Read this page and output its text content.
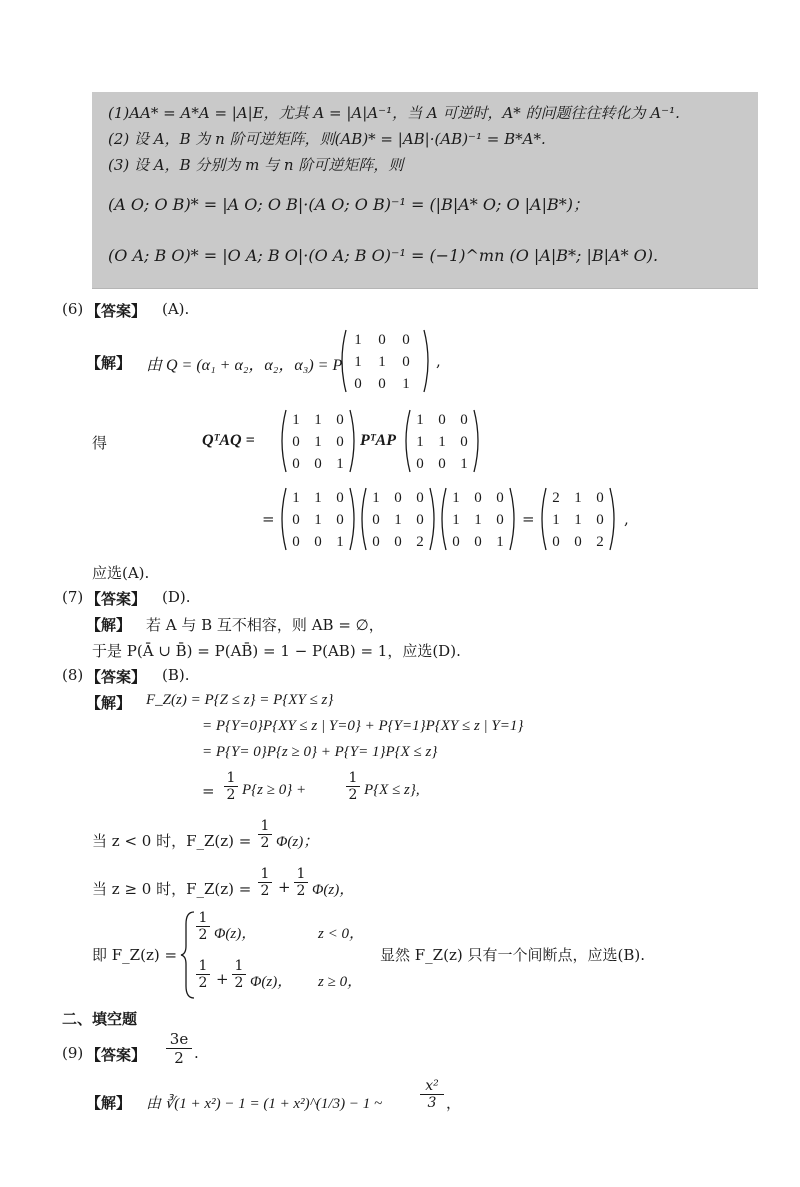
(1)AA* = A*A = |A|E，尤其 A = |A|A⁻¹，当 A 可逆时，A* 的问题往往转化为 A⁻¹.
(2) 设 A，B 为 n 阶可逆矩阵，则(AB)* = |AB|·(AB)⁻¹ = B*A*.
(3) 设 A，B 分别为 m 与 n 阶可逆矩阵，则
(A O; O B)* = |A O; O B|·(A O; O B)⁻¹ = (|B|A* O; O |A|B*)；
(O A; B O)* = |O A; B O|·(O A; B O)⁻¹ = (−1)^mn (O |A|B*; |B|A* O).
(6) 【答案】 (A).
【解】 由 Q = (α₁ + α₂，α₂，α₃) = P
1 0 0
1 1 0
0 0 1
,
得	QᵀAQ =
1 1 0
0 1 0
0 0 1
PᵀAP
1 0 0
1 1 0
0 0 1
=
1 1 0
0 1 0
0 0 1
1 0 0
0 1 0
0 0 2
1 0 0
1 1 0
0 0 1
=
2 1 0
1 1 0
0 0 2
,
应选(A).
(7) 【答案】 (D).
【解】 若 A 与 B 互不相容，则 AB = ∅，
于是 P(Ā ∪ B̄) = P(AB̄) = 1 − P(AB) = 1，应选(D).
(8) 【答案】 (B).
【解】 F_Z(z) = P{Z ≤ z} = P{XY ≤ z}
= P{Y=0}P{XY ≤ z | Y=0} + P{Y=1}P{XY ≤ z | Y=1}
= P{Y= 0}P{z ≥ 0} + P{Y= 1}P{X ≤ z}
= $\frac{1}{2} P\{z \ge 0\}$ +	$\frac{1}{2} P\{X \le z\}$,
当 z < 0 时，F_Z(z) = $\frac{1}{2} \Phi(z)$；
当 z ≥ 0 时，F_Z(z) = $\frac{1}{2} + \frac{1}{2} \Phi(z)$，
即 F_Z(z) =
$\frac{1}{2} \Phi(z)$，	z < 0，
$\frac{1}{2} + \frac{1}{2} \Phi(z)$， z ≥ 0，
显然 F_Z(z) 只有一个间断点，应选(B).
二、填空题
(9) 【答案】 $\frac{3e}{2}$ .
【解】 由 ∛(1 + x²) − 1 = (1 + x²)^(1/3) − 1 ~	$\frac{\text{x²}}{3}$ ，
